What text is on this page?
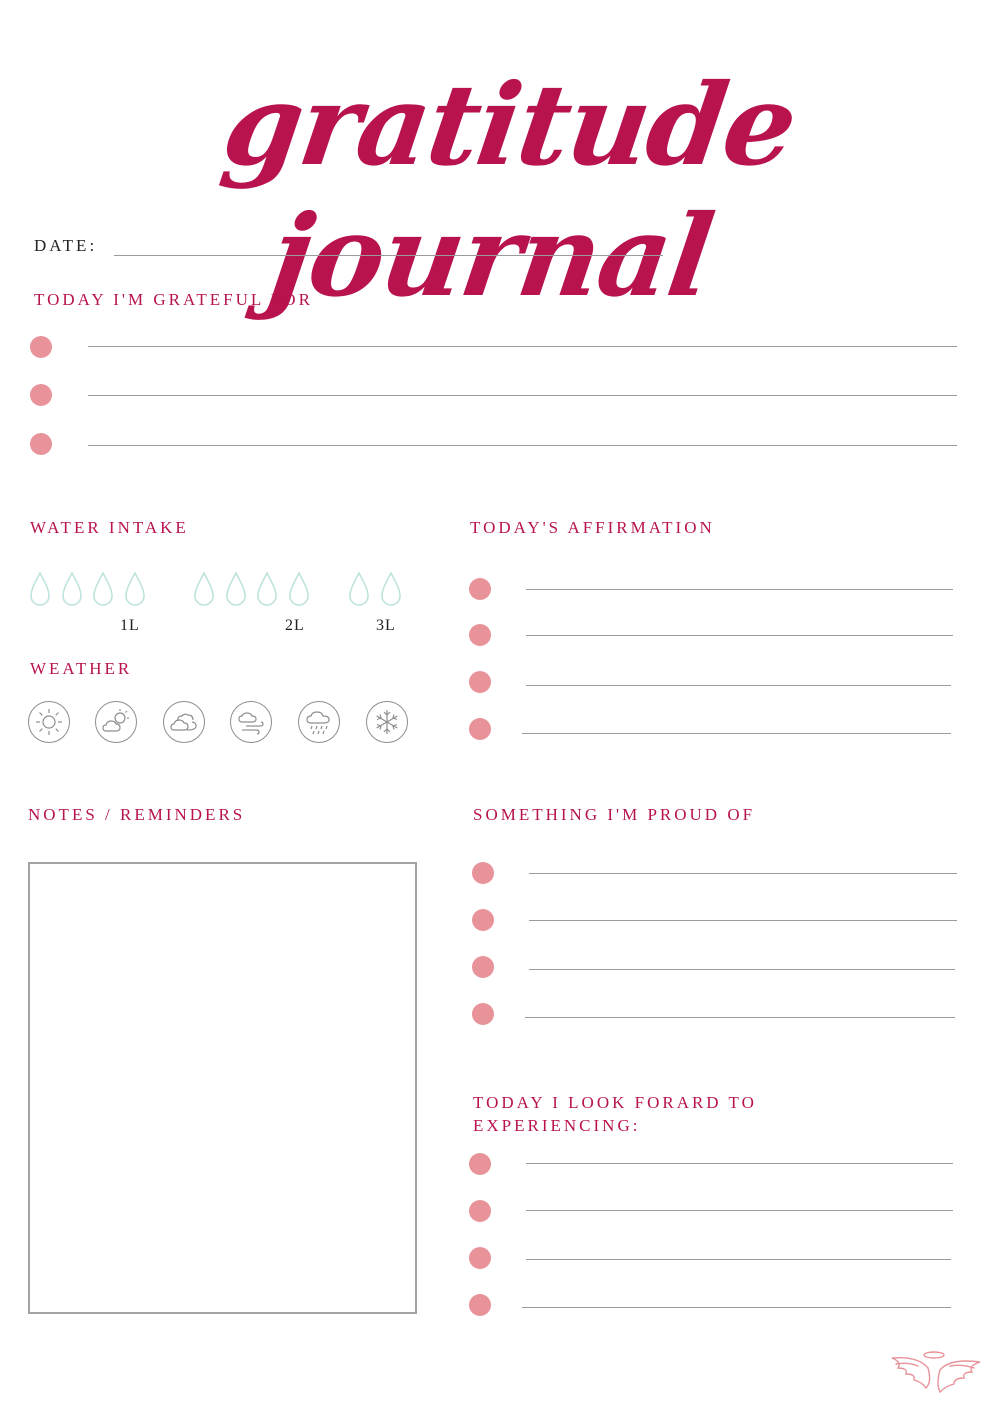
gratitude journal
DATE:
TODAY I'M GRATEFUL FOR
WATER INTAKE
1L	2L	3L
WEATHER
TODAY'S AFFIRMATION
NOTES / REMINDERS	SOMETHING I'M PROUD OF
TODAY I LOOK FORARD TO
EXPERIENCING:
